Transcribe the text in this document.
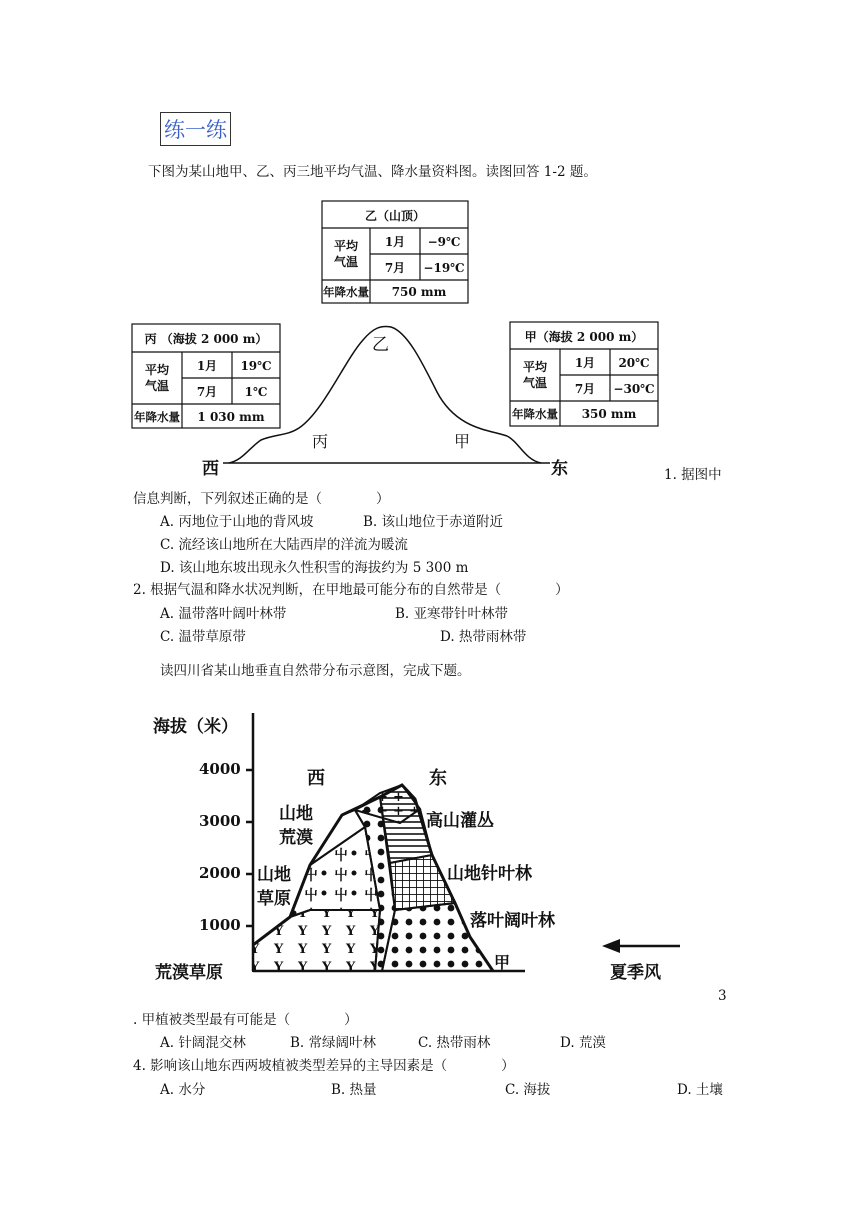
练一练
下图为某山地甲、乙、丙三地平均气温、降水量资料图。读图回答 1-2 题。
乙（山顶）
平均
气温
1月 −9℃
7月 −19℃
年降水量 750 mm
丙 （海拔 2 000 m）
平均
气温
1月 19℃
7月 1℃
年降水量 1 030 mm
甲（海拔 2 000 m）
平均
气温
1月 20℃
7月 −30℃
年降水量 350 mm
乙
丙	甲
西	东	1. 据图中
信息判断，下列叙述正确的是（　　　　）
A. 丙地位于山地的背风坡	B. 该山地位于赤道附近
C. 流经该山地所在大陆西岸的洋流为暖流
D. 该山地东坡出现永久性积雪的海拔约为 5 300 m
2. 根据气温和降水状况判断，在甲地最可能分布的自然带是（　　　　）
A. 温带落叶阔叶林带	B. 亚寒带针叶林带
C. 温带草原带	D. 热带雨林带
读四川省某山地垂直自然带分布示意图，完成下题。
海拔（米）
4000
3000
2000
1000
西	东
山地
荒漠
山地
草原
荒漠草原
高山灌丛
山地针叶林
落叶阔叶林
甲
夏季风
3
. 甲植被类型最有可能是（　　　　）
A. 针阔混交林	B. 常绿阔叶林	C. 热带雨林	D. 荒漠
4. 影响该山地东西两坡植被类型差异的主导因素是（　　　　）
A. 水分	B. 热量	C. 海拔	D. 土壤
